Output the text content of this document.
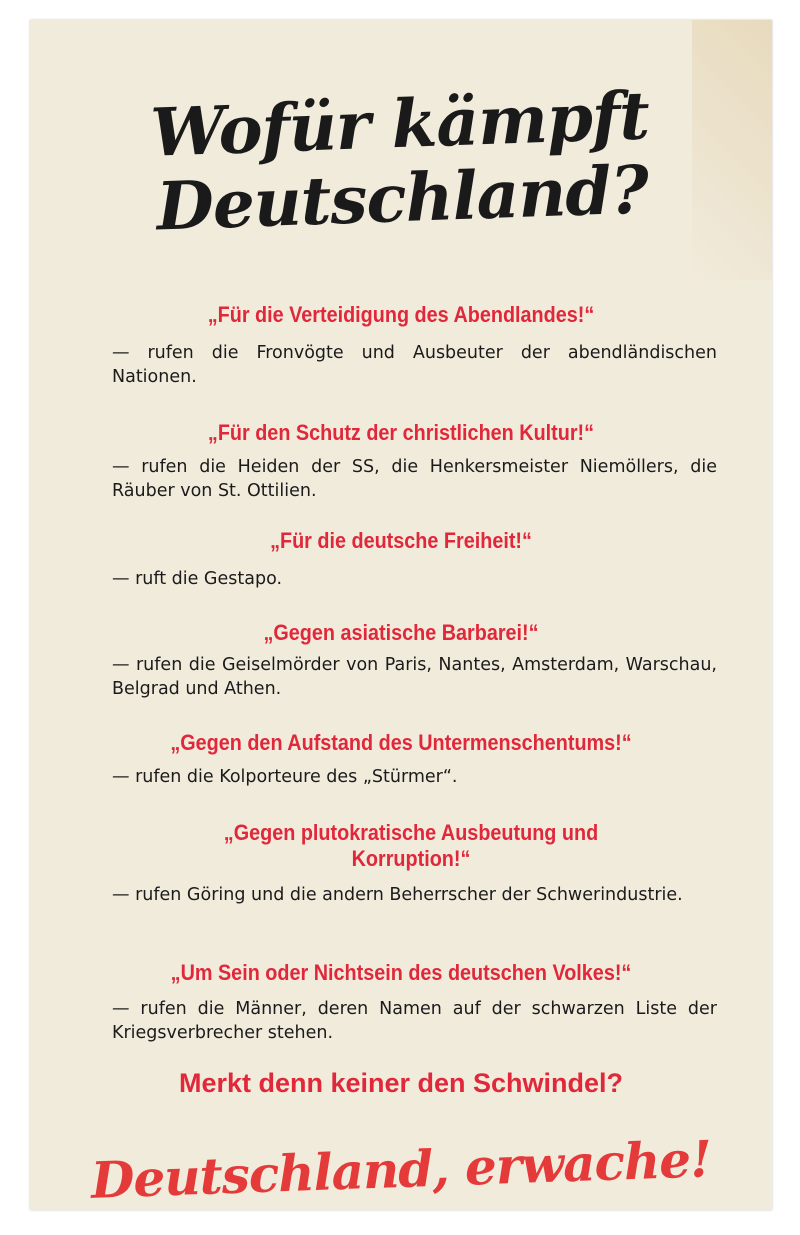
Wofür kämpft
Deutschland?
„Für die Verteidigung des Abendlandes!“
— rufen die Fronvögte und Ausbeuter der abendländischen Nationen.
„Für den Schutz der christlichen Kultur!“
— rufen die Heiden der SS, die Henkersmeister Niemöllers, die Räuber von St. Ottilien.
„Für die deutsche Freiheit!“
— ruft die Gestapo.
„Gegen asiatische Barbarei!“
— rufen die Geiselmörder von Paris, Nantes, Amsterdam, Warschau, Belgrad und Athen.
„Gegen den Aufstand des Untermenschentums!“
— rufen die Kolporteure des „Stürmer“.
„Gegen plutokratische Ausbeutung und Korruption!“
— rufen Göring und die andern Beherrscher der Schwerindustrie.
„Um Sein oder Nichtsein des deutschen Volkes!“
— rufen die Männer, deren Namen auf der schwarzen Liste der Kriegsverbrecher stehen.
Merkt denn keiner den Schwindel?
Deutschland, erwache!
